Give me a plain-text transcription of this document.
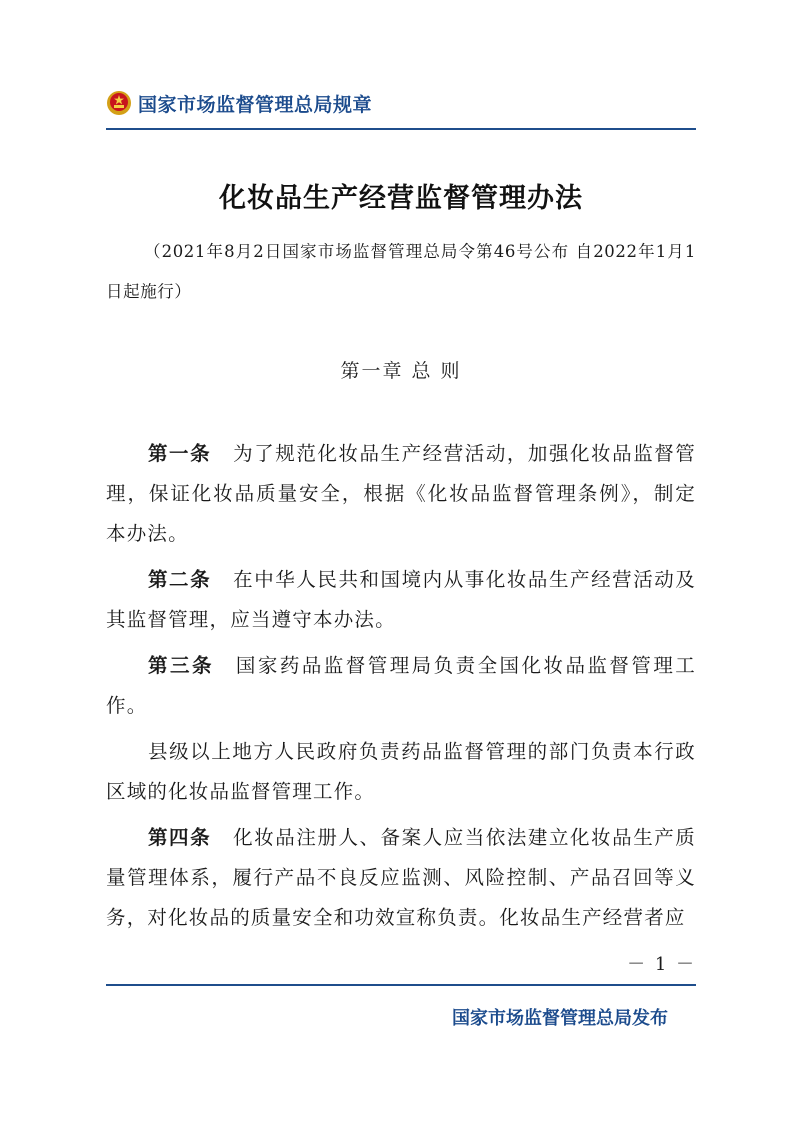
国家市场监督管理总局规章
化妆品生产经营监督管理办法
（2021年8月2日国家市场监督管理总局令第46号公布 自2022年1月1日起施行）
第一章 总 则

第一条 为了规范化妆品生产经营活动，加强化妆品监督管理，保证化妆品质量安全，根据《化妆品监督管理条例》，制定本办法。

第二条 在中华人民共和国境内从事化妆品生产经营活动及其监督管理，应当遵守本办法。

第三条 国家药品监督管理局负责全国化妆品监督管理工作。

县级以上地方人民政府负责药品监督管理的部门负责本行政区域的化妆品监督管理工作。

第四条 化妆品注册人、备案人应当依法建立化妆品生产质量管理体系，履行产品不良反应监测、风险控制、产品召回等义务，对化妆品的质量安全和功效宣称负责。化妆品生产经营者应

－ 1 －
国家市场监督管理总局发布
